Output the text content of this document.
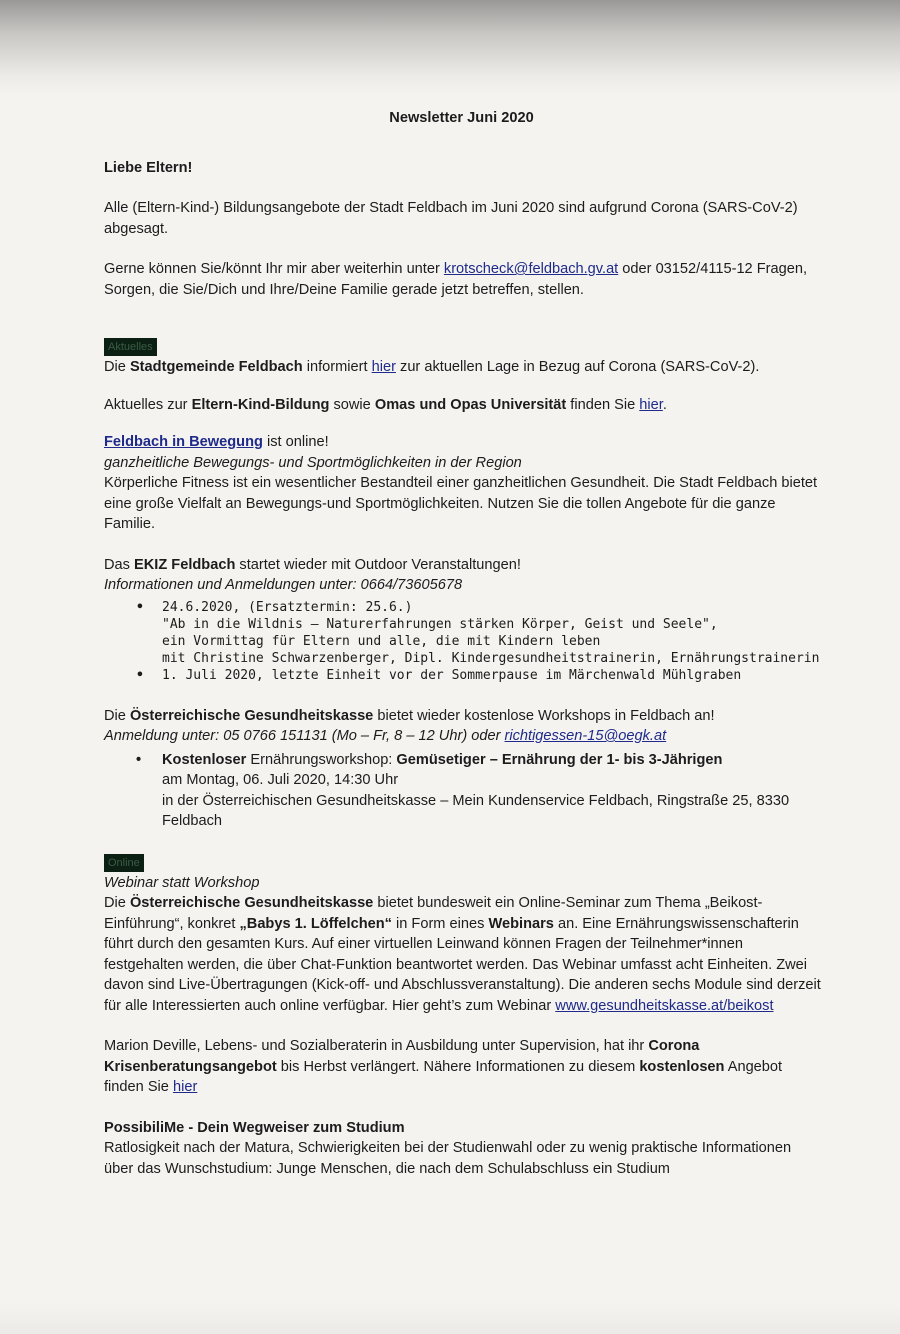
Newsletter Juni 2020

Liebe Eltern!

Alle (Eltern-Kind-) Bildungsangebote der Stadt Feldbach im Juni 2020 sind aufgrund Corona (SARS-CoV-2) abgesagt.

Gerne können Sie/könnt Ihr mir aber weiterhin unter krotscheck@feldbach.gv.at oder 03152/4115-12 Fragen, Sorgen, die Sie/Dich und Ihre/Deine Familie gerade jetzt betreffen, stellen.

Aktuelles

Die Stadtgemeinde Feldbach informiert hier zur aktuellen Lage in Bezug auf Corona (SARS-CoV-2).

Aktuelles zur Eltern-Kind-Bildung sowie Omas und Opas Universität finden Sie hier.

Feldbach in Bewegung ist online!

ganzheitliche Bewegungs- und Sportmöglichkeiten in der Region

Körperliche Fitness ist ein wesentlicher Bestandteil einer ganzheitlichen Gesundheit. Die Stadt Feldbach bietet eine große Vielfalt an Bewegungs-und Sportmöglichkeiten. Nutzen Sie die tollen Angebote für die ganze Familie.

Das EKIZ Feldbach startet wieder mit Outdoor Veranstaltungen!

Informationen und Anmeldungen unter: 0664/73605678

• 24.6.2020, (Ersatztermin: 25.6.)
"Ab in die Wildnis – Naturerfahrungen stärken Körper, Geist und Seele",
ein Vormittag für Eltern und alle, die mit Kindern leben
mit Christine Schwarzenberger, Dipl. Kindergesundheitstrainerin, Ernährungstrainerin
• 1. Juli 2020, letzte Einheit vor der Sommerpause im Märchenwald Mühlgraben

Die Österreichische Gesundheitskasse bietet wieder kostenlose Workshops in Feldbach an!

Anmeldung unter: 05 0766 151131 (Mo – Fr, 8 – 12 Uhr) oder richtigessen-15@oegk.at

• Kostenloser Ernährungsworkshop: Gemüsetiger – Ernährung der 1- bis 3-Jährigen
am Montag, 06. Juli 2020, 14:30 Uhr
in der Österreichischen Gesundheitskasse – Mein Kundenservice Feldbach, Ringstraße 25, 8330 Feldbach
Online

Webinar statt Workshop

Die Österreichische Gesundheitskasse bietet bundesweit ein Online-Seminar zum Thema „Beikost-Einführung“, konkret „Babys 1. Löffelchen“ in Form eines Webinars an. Eine Ernährungswissenschafterin führt durch den gesamten Kurs. Auf einer virtuellen Leinwand können Fragen der Teilnehmer*innen festgehalten werden, die über Chat-Funktion beantwortet werden. Das Webinar umfasst acht Einheiten. Zwei davon sind Live-Übertragungen (Kick-off- und Abschlussveranstaltung). Die anderen sechs Module sind derzeit für alle Interessierten auch online verfügbar. Hier geht’s zum Webinar www.gesundheitskasse.at/beikost

Marion Deville, Lebens- und Sozialberaterin in Ausbildung unter Supervision, hat ihr Corona Krisenberatungsangebot bis Herbst verlängert. Nähere Informationen zu diesem kostenlosen Angebot finden Sie hier

PossibiliMe - Dein Wegweiser zum Studium

Ratlosigkeit nach der Matura, Schwierigkeiten bei der Studienwahl oder zu wenig praktische Informationen über das Wunschstudium: Junge Menschen, die nach dem Schulabschluss ein Studium
